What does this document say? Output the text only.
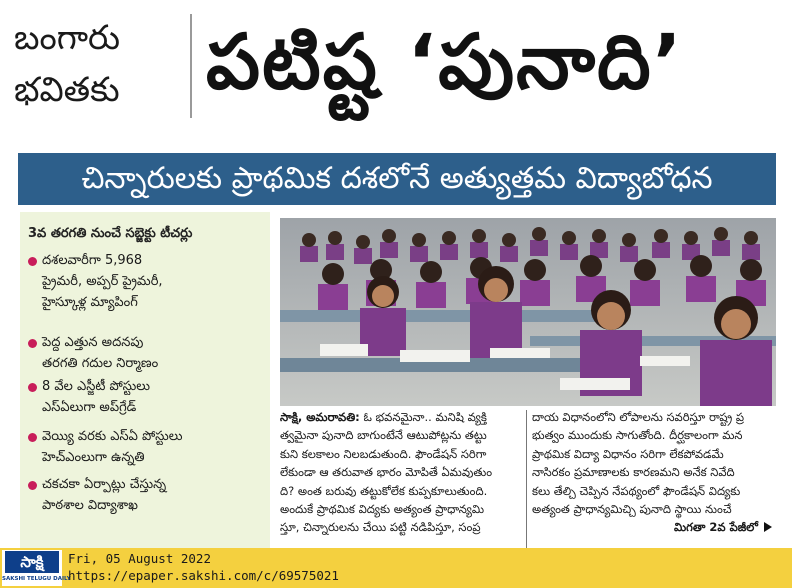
బంగారు
భవితకు పటిష్ట ‘పునాది’
చిన్నారులకు ప్రాథమిక దశలోనే అత్యుత్తమ విద్యాబోధన
3వ తరగతి నుంచే సబ్జెక్టు టీచర్లు
దశలవారీగా 5,968
ప్రైమరీ, అప్పర్ ప్రైమరీ,
హైస్కూళ్ల మ్యాపింగ్
పెద్ద ఎత్తున అదనపు
తరగతి గదుల నిర్మాణం
8 వేల ఎస్జీటీ పోస్టులు
ఎస్ఏలుగా అప్‌గ్రేడ్
వెయ్యి వరకు ఎస్ఏ పోస్టులు
హెచ్ఎంలుగా ఉన్నతి
చకచకా ఏర్పాట్లు చేస్తున్న
పాఠశాల విద్యాశాఖ
సాక్షి, అమరావతి: ఓ భవనమైనా.. మనిషి వ్యక్తి
త్వమైనా పునాది బాగుంటేనే ఆటుపోట్లను తట్టు
కుని కలకాలం నిలబడుతుంది. ఫౌండేషన్ సరిగా
లేకుండా ఆ తరువాత భారం మోపితే ఏమవుతుం
ది? అంత బరువు తట్టుకోలేక కుప్పకూలుతుంది.
అందుకే ప్రాథమిక విద్యకు అత్యంత ప్రాధాన్యమి
స్తూ, చిన్నారులను చేయి పట్టి నడిపిస్తూ, సంప్ర
దాయ విధానంలోని లోపాలను సవరిస్తూ రాష్ట్ర ప్ర
భుత్వం ముందుకు సాగుతోంది. దీర్ఘకాలంగా మన
ప్రాథమిక విద్యా విధానం సరిగా లేకపోవడమే
నాసిరకం ప్రమాణాలకు కారణమని అనేక నివేది
కలు తేల్చి చెప్పిన నేపథ్యంలో ఫౌండేషన్ విద్యకు
అత్యంత ప్రాధాన్యమిచ్చి పునాది స్థాయి నుంచే
మిగతా 2వ పేజీలో
సాక్షి
SAKSHI TELUGU DAILY
Fri, 05 August 2022
https://epaper.sakshi.com/c/69575021
